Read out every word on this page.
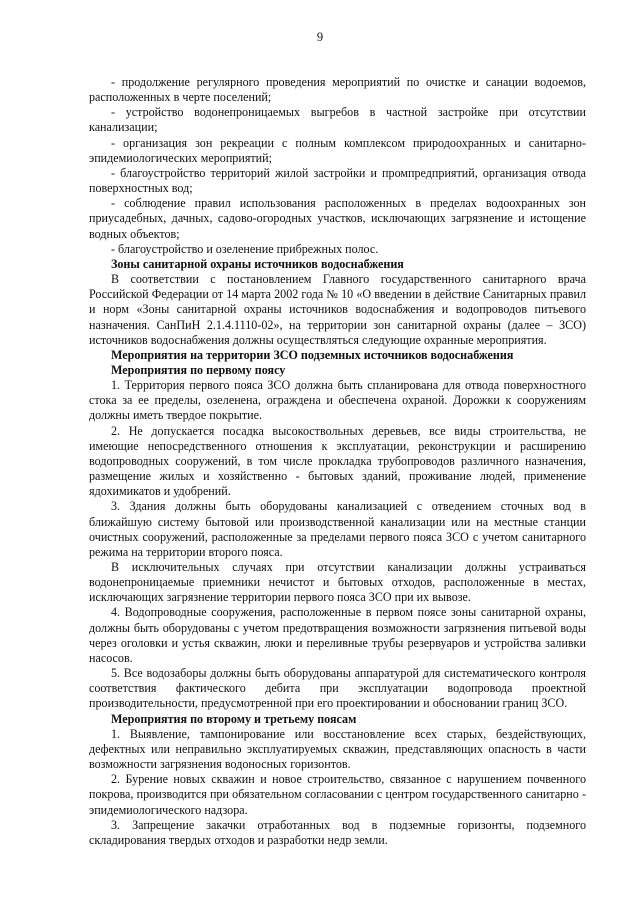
9

- продолжение регулярного проведения мероприятий по очистке и санации водоемов, расположенных в черте поселений;

- устройство водонепроницаемых выгребов в частной застройке при отсутствии канализации;

- организация зон рекреации с полным комплексом природоохранных и санитарно-эпидемиологических мероприятий;

- благоустройство территорий жилой застройки и промпредприятий, организация отвода поверхностных вод;

- соблюдение правил использования расположенных в пределах водоохранных зон приусадебных, дачных, садово-огородных участков, исключающих загрязнение и истощение водных объектов;

- благоустройство и озеленение прибрежных полос.

Зоны санитарной охраны источников водоснабжения

В соответствии с постановлением Главного государственного санитарного врача Российской Федерации от 14 марта 2002 года № 10 «О введении в действие Санитарных правил и норм «Зоны санитарной охраны источников водоснабжения и водопроводов питьевого назначения. СанПиН 2.1.4.1110-02», на территории зон санитарной охраны (далее – ЗСО) источников водоснабжения должны осуществляться следующие охранные мероприятия.

Мероприятия на территории ЗСО подземных источников водоснабжения

Мероприятия по первому поясу

1. Территория первого пояса ЗСО должна быть спланирована для отвода поверхностного стока за ее пределы, озеленена, ограждена и обеспечена охраной. Дорожки к сооружениям должны иметь твердое покрытие.

2. Не допускается посадка высокоствольных деревьев, все виды строительства, не имеющие непосредственного отношения к эксплуатации, реконструкции и расширению водопроводных сооружений, в том числе прокладка трубопроводов различного назначения, размещение жилых и хозяйственно - бытовых зданий, проживание людей, применение ядохимикатов и удобрений.

3. Здания должны быть оборудованы канализацией с отведением сточных вод в ближайшую систему бытовой или производственной канализации или на местные станции очистных сооружений, расположенные за пределами первого пояса ЗСО с учетом санитарного режима на территории второго пояса.

В исключительных случаях при отсутствии канализации должны устраиваться водонепроницаемые приемники нечистот и бытовых отходов, расположенные в местах, исключающих загрязнение территории первого пояса ЗСО при их вывозе.

4. Водопроводные сооружения, расположенные в первом поясе зоны санитарной охраны, должны быть оборудованы с учетом предотвращения возможности загрязнения питьевой воды через оголовки и устья скважин, люки и переливные трубы резервуаров и устройства заливки насосов.

5. Все водозаборы должны быть оборудованы аппаратурой для систематического контроля соответствия фактического дебита при эксплуатации водопровода проектной производительности, предусмотренной при его проектировании и обосновании границ ЗСО.

Мероприятия по второму и третьему поясам

1. Выявление, тампонирование или восстановление всех старых, бездействующих, дефектных или неправильно эксплуатируемых скважин, представляющих опасность в части возможности загрязнения водоносных горизонтов.

2. Бурение новых скважин и новое строительство, связанное с нарушением почвенного покрова, производится при обязательном согласовании с центром государственного санитарно - эпидемиологического надзора.

3. Запрещение закачки отработанных вод в подземные горизонты, подземного складирования твердых отходов и разработки недр земли.
